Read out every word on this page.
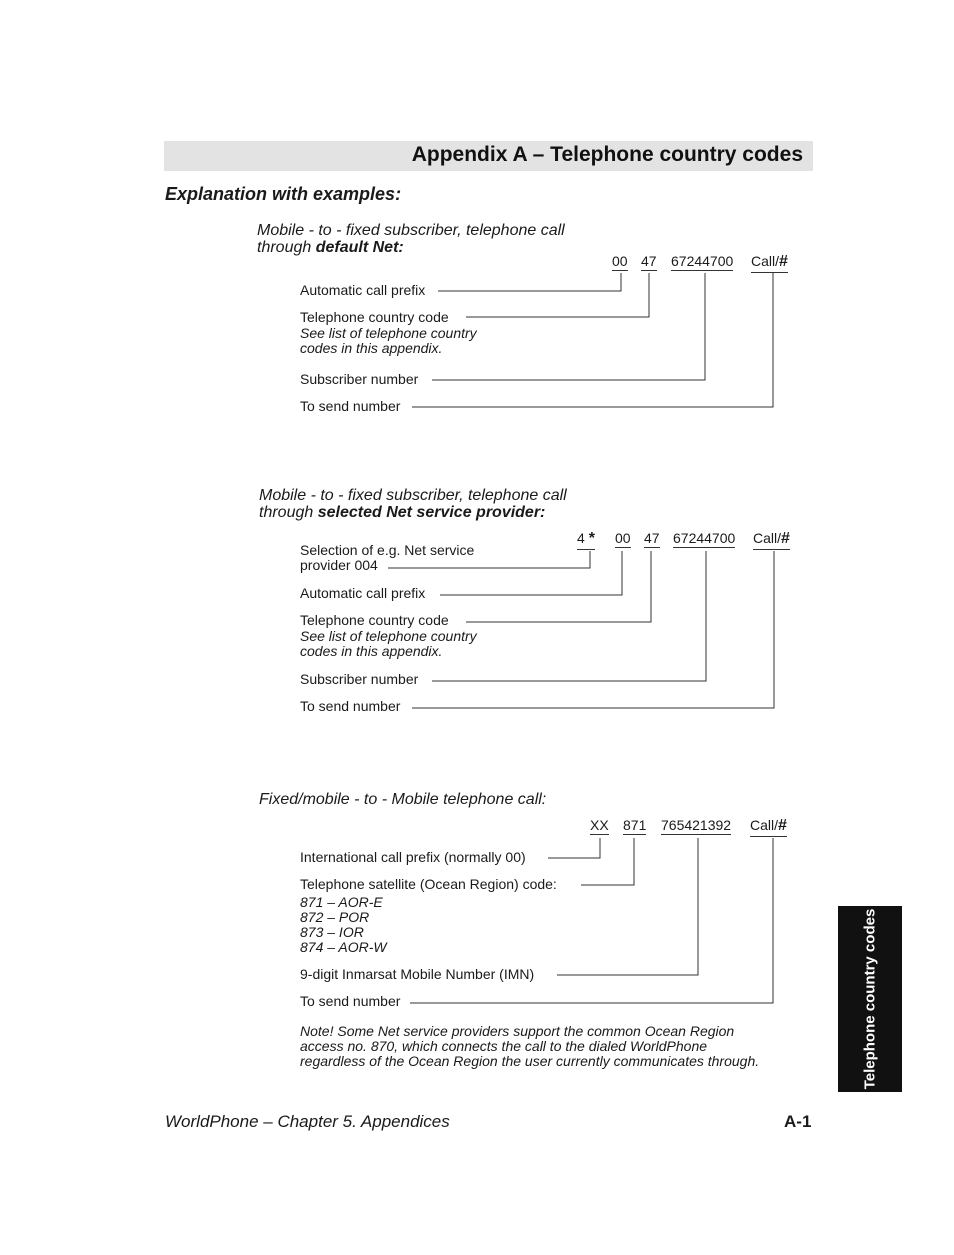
Appendix A – Telephone country codes
Explanation with examples:
Mobile - to - fixed subscriber, telephone call
through default Net:
00 47 67244700 Call/#
Automatic call prefix
Telephone country code
See list of telephone country
codes in this appendix.
Subscriber number
To send number
Mobile - to - fixed subscriber, telephone call
through selected Net service provider:
4 * 00 47 67244700 Call/#
Selection of e.g. Net service
provider 004
Automatic call prefix
Telephone country code
See list of telephone country
codes in this appendix.
Subscriber number
To send number
Fixed/mobile - to - Mobile telephone call:
XX 871 765421392 Call/#
International call prefix (normally 00)
Telephone satellite (Ocean Region) code:
871 – AOR-E
872 – POR
873 – IOR
874 – AOR-W
9-digit Inmarsat Mobile Number (IMN)
To send number
Note! Some Net service providers support the common Ocean Region
access no. 870, which connects the call to the dialed WorldPhone
regardless of the Ocean Region the user currently communicates through.	Telephone country codes
WorldPhone – Chapter 5. Appendices	A-1
